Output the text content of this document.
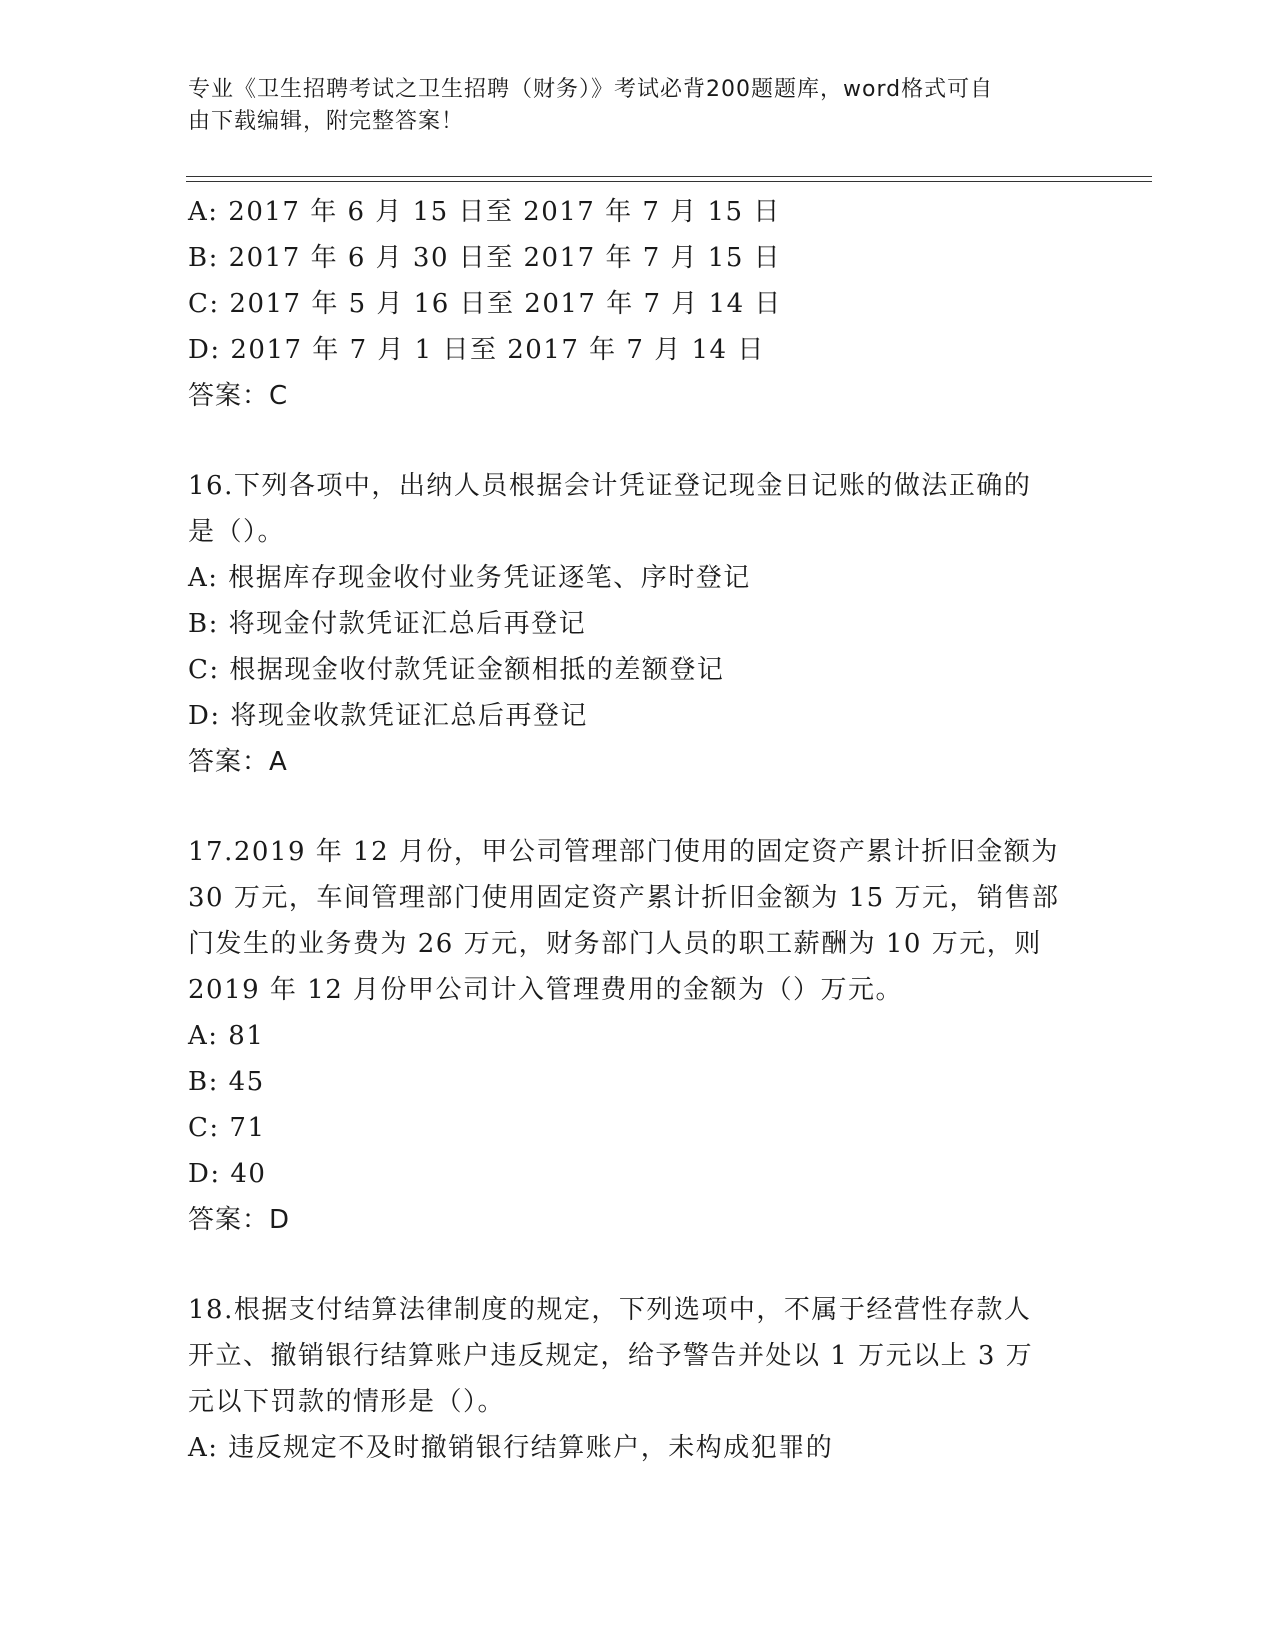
专业《卫生招聘考试之卫生招聘（财务）》考试必背200题题库，word格式可自
由下载编辑，附完整答案！
A: 2017 年 6 月 15 日至 2017 年 7 月 15 日
B: 2017 年 6 月 30 日至 2017 年 7 月 15 日
C: 2017 年 5 月 16 日至 2017 年 7 月 14 日
D: 2017 年 7 月 1 日至 2017 年 7 月 14 日
答案：C
16.下列各项中，出纳人员根据会计凭证登记现金日记账的做法正确的
是（）。
A: 根据库存现金收付业务凭证逐笔、序时登记
B: 将现金付款凭证汇总后再登记
C: 根据现金收付款凭证金额相抵的差额登记
D: 将现金收款凭证汇总后再登记
答案：A
17.2019 年 12 月份，甲公司管理部门使用的固定资产累计折旧金额为
30 万元，车间管理部门使用固定资产累计折旧金额为 15 万元，销售部
门发生的业务费为 26 万元，财务部门人员的职工薪酬为 10 万元，则
2019 年 12 月份甲公司计入管理费用的金额为（）万元。
A: 81
B: 45
C: 71
D: 40
答案：D
18.根据支付结算法律制度的规定，下列选项中，不属于经营性存款人
开立、撤销银行结算账户违反规定，给予警告并处以 1 万元以上 3 万
元以下罚款的情形是（）。
A: 违反规定不及时撤销银行结算账户，未构成犯罪的
